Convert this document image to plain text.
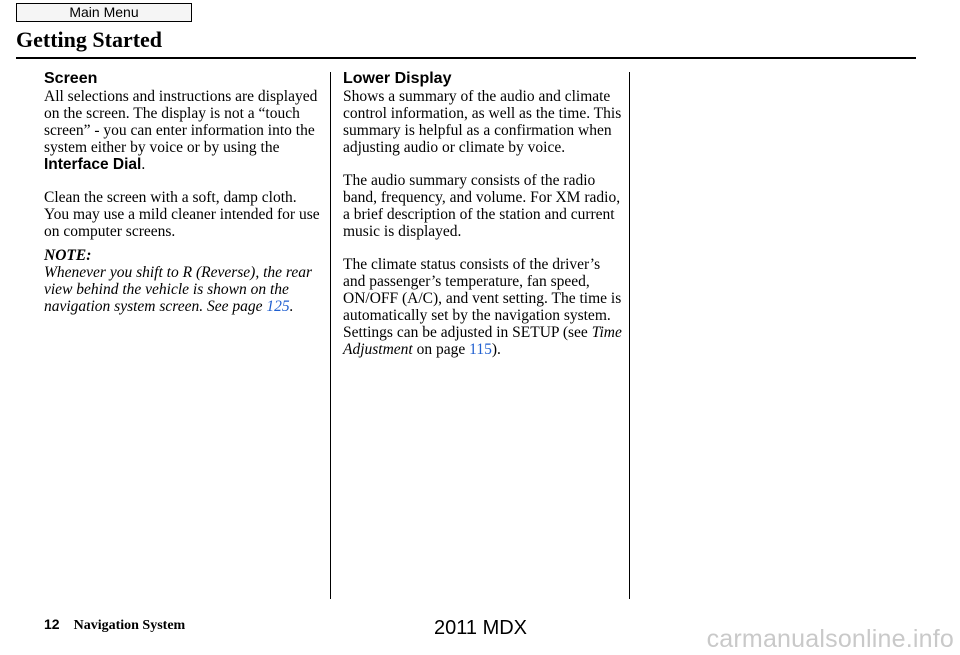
Main Menu
Getting Started
Screen

All selections and instructions are displayed on the screen. The display is not a “touch screen” - you can enter information into the system either by voice or by using the Interface Dial.

Clean the screen with a soft, damp cloth. You may use a mild cleaner intended for use on computer screens.

NOTE:

Whenever you shift to R (Reverse), the rear view behind the vehicle is shown on the navigation system screen. See page 125.

Lower Display

Shows a summary of the audio and climate control information, as well as the time. This summary is helpful as a confirmation when adjusting audio or climate by voice.

The audio summary consists of the radio band, frequency, and volume. For XM radio, a brief description of the station and current music is displayed.

The climate status consists of the driver’s and passenger’s temperature, fan speed, ON/OFF (A/C), and vent setting. The time is automatically set by the navigation system. Settings can be adjusted in SETUP (see Time Adjustment on page 115).

12 Navigation System	2011 MDX	carmanualsonline.info
